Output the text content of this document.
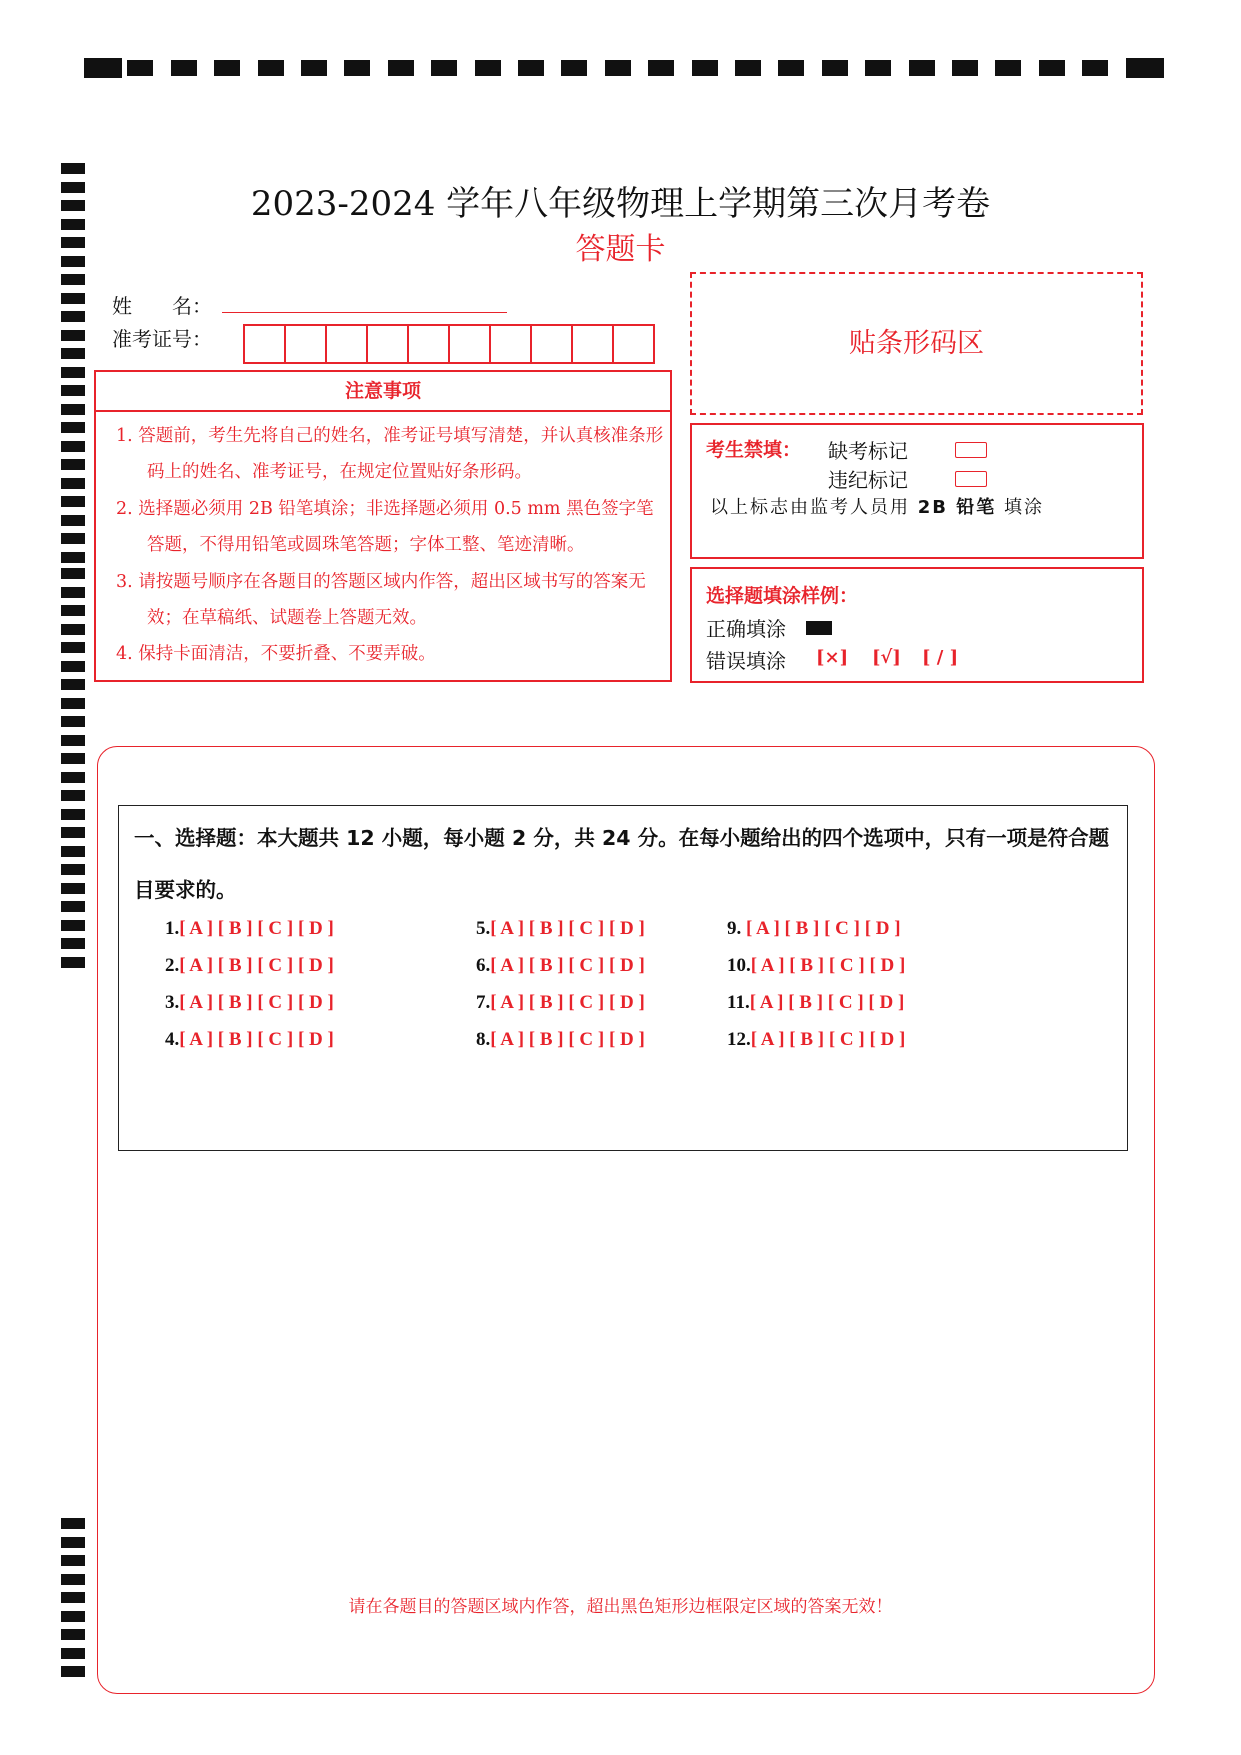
2023-2024 学年八年级物理上学期第三次月考卷
答题卡
姓　　名：
准考证号：
注意事项
1. 答题前，考生先将自己的姓名，准考证号填写清楚，并认真核准条形码上的姓名、准考证号，在规定位置贴好条形码。
2. 选择题必须用 2B 铅笔填涂；非选择题必须用 0.5 mm 黑色签字笔答题，不得用铅笔或圆珠笔答题；字体工整、笔迹清晰。
3. 请按题号顺序在各题目的答题区域内作答，超出区域书写的答案无效；在草稿纸、试题卷上答题无效。
4. 保持卡面清洁，不要折叠、不要弄破。
贴条形码区
考生禁填： 缺考标记
违纪标记
以上标志由监考人员用 2B 铅笔 填涂
选择题填涂样例：
正确填涂
错误填涂 [×] [√] [ / ]
一、选择题：本大题共 12 小题，每小题 2 分，共 24 分。在每小题给出的四个选项中，只有一项是符合题目要求的。
1.[ A ] [ B ] [ C ] [ D ]
2.[ A ] [ B ] [ C ] [ D ]
3.[ A ] [ B ] [ C ] [ D ]
4.[ A ] [ B ] [ C ] [ D ]
5.[ A ] [ B ] [ C ] [ D ]
6.[ A ] [ B ] [ C ] [ D ]
7.[ A ] [ B ] [ C ] [ D ]
8.[ A ] [ B ] [ C ] [ D ]
9. [ A ] [ B ] [ C ] [ D ]
10.[ A ] [ B ] [ C ] [ D ]
11.[ A ] [ B ] [ C ] [ D ]
12.[ A ] [ B ] [ C ] [ D ]
请在各题目的答题区域内作答，超出黑色矩形边框限定区域的答案无效！
